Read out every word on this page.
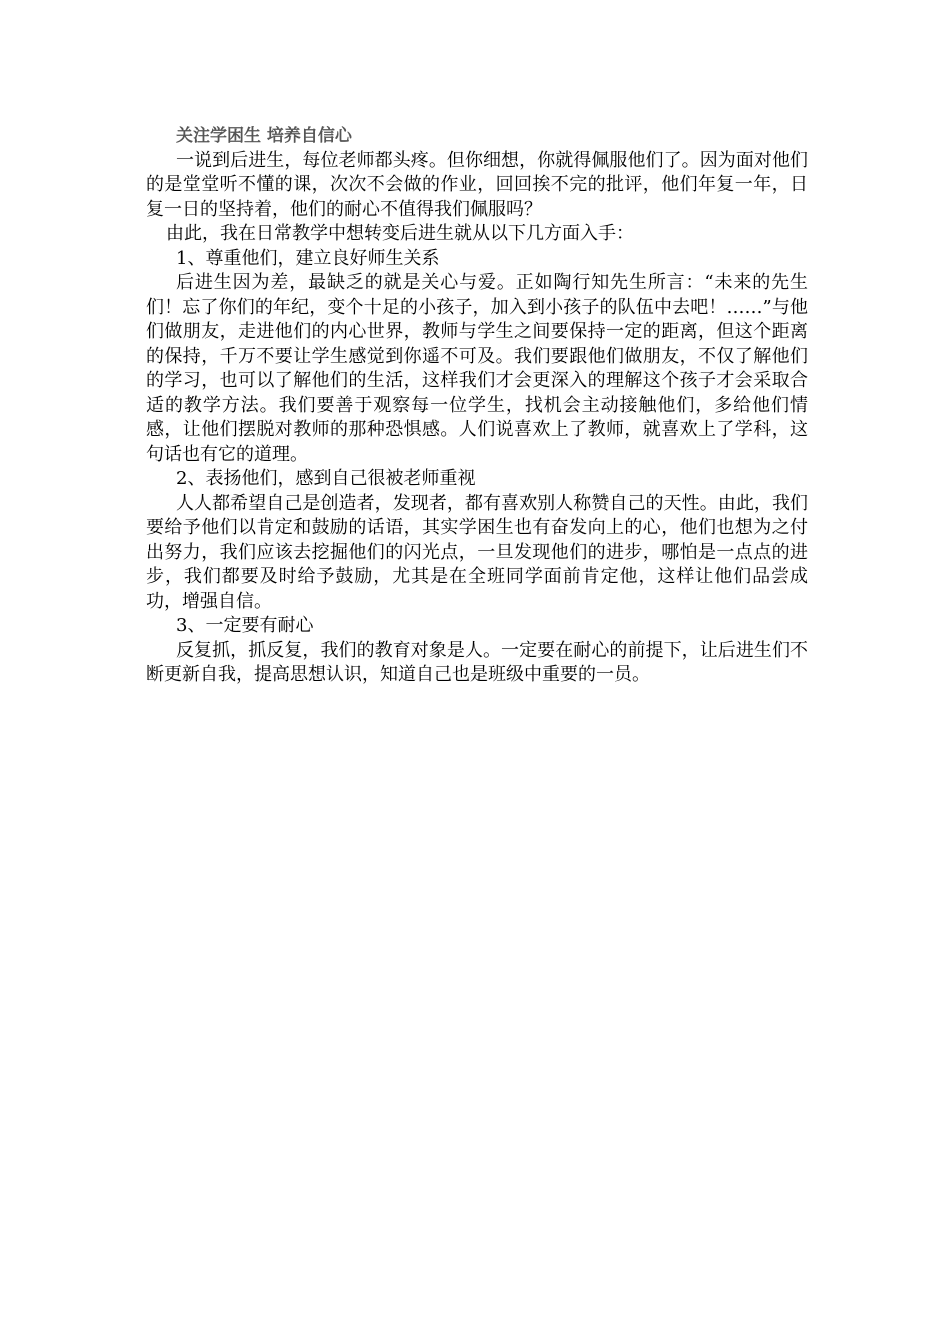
关注学困生 培养自信心

一说到后进生，每位老师都头疼。但你细想，你就得佩服他们了。因为面对他们的是堂堂听不懂的课，次次不会做的作业，回回挨不完的批评，他们年复一年，日复一日的坚持着，他们的耐心不值得我们佩服吗？

由此，我在日常教学中想转变后进生就从以下几方面入手：

1、尊重他们，建立良好师生关系

后进生因为差，最缺乏的就是关心与爱。正如陶行知先生所言：“未来的先生们！忘了你们的年纪，变个十足的小孩子，加入到小孩子的队伍中去吧！……”与他们做朋友，走进他们的内心世界，教师与学生之间要保持一定的距离，但这个距离的保持，千万不要让学生感觉到你遥不可及。我们要跟他们做朋友，不仅了解他们的学习，也可以了解他们的生活，这样我们才会更深入的理解这个孩子才会采取合适的教学方法。我们要善于观察每一位学生，找机会主动接触他们，多给他们情感，让他们摆脱对教师的那种恐惧感。人们说喜欢上了教师，就喜欢上了学科，这句话也有它的道理。

2、表扬他们，感到自己很被老师重视

人人都希望自己是创造者，发现者，都有喜欢别人称赞自己的天性。由此，我们要给予他们以肯定和鼓励的话语，其实学困生也有奋发向上的心，他们也想为之付出努力，我们应该去挖掘他们的闪光点，一旦发现他们的进步，哪怕是一点点的进步，我们都要及时给予鼓励，尤其是在全班同学面前肯定他，这样让他们品尝成功，增强自信。

3、一定要有耐心

反复抓，抓反复，我们的教育对象是人。一定要在耐心的前提下，让后进生们不断更新自我，提高思想认识，知道自己也是班级中重要的一员。
